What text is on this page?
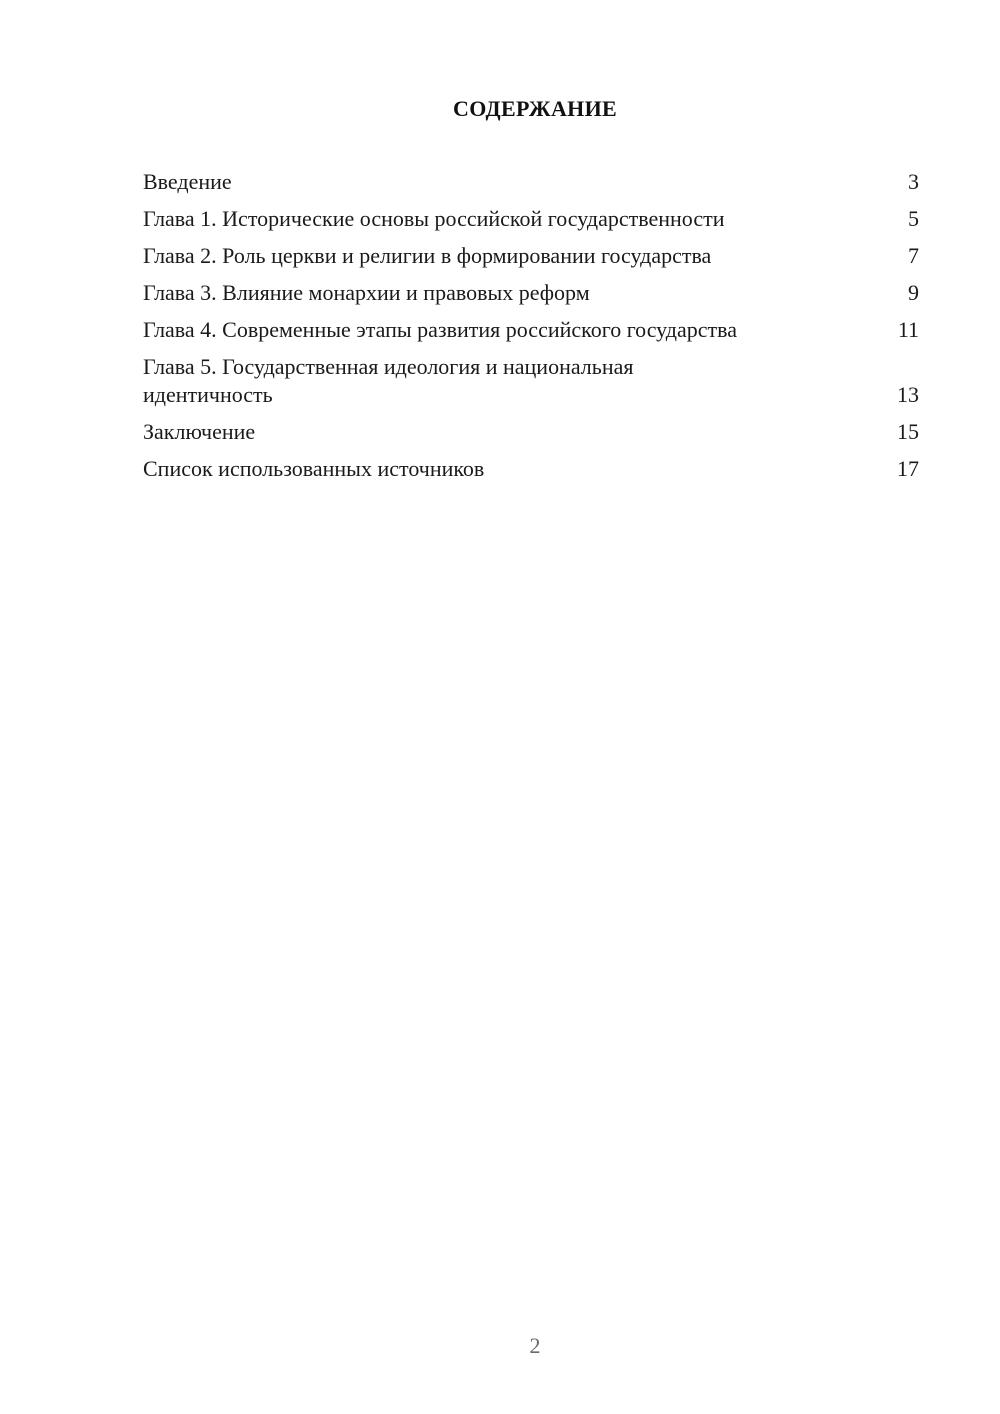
СОДЕРЖАНИЕ
Введение	3
Глава 1. Исторические основы российской государственности	5
Глава 2. Роль церкви и религии в формировании государства	7
Глава 3. Влияние монархии и правовых реформ	9
Глава 4. Современные этапы развития российского государства	11
Глава 5. Государственная идеология и национальная идентичность	13
Заключение	15
Список использованных источников	17
2
